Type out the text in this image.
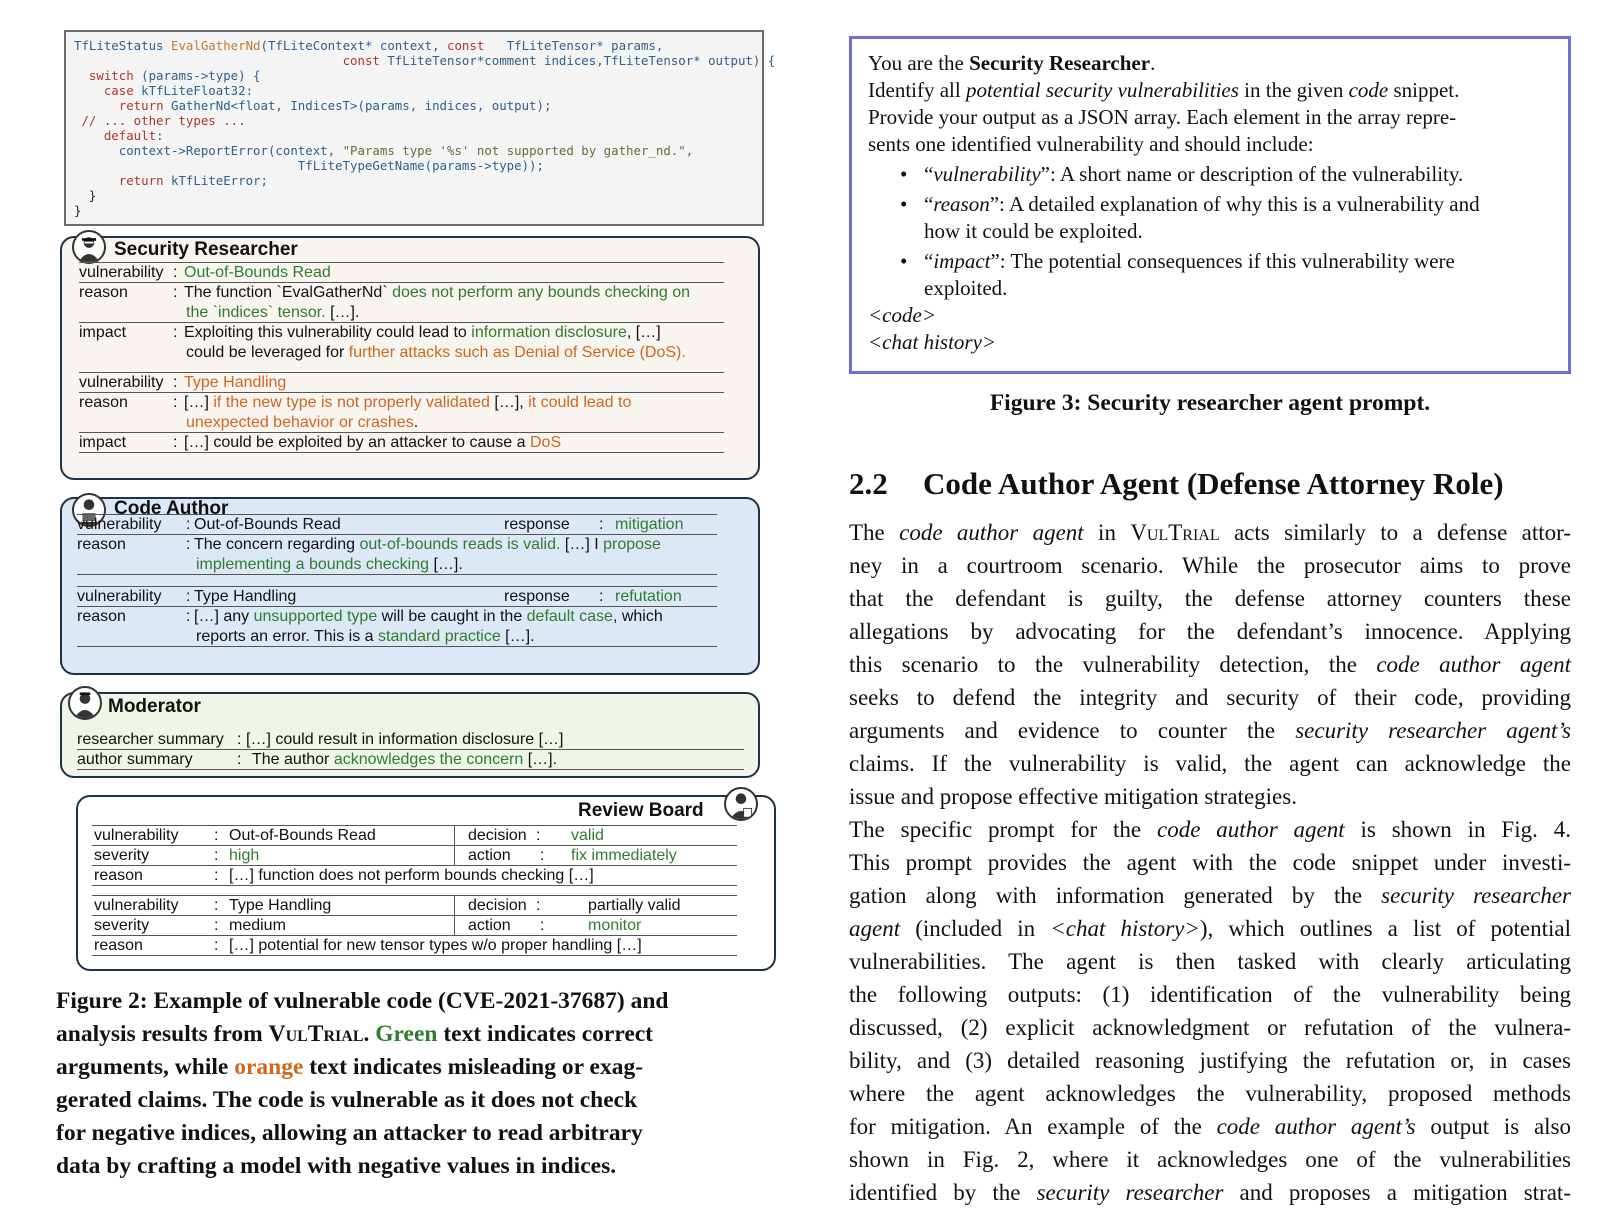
TfLiteStatus EvalGatherNd(TfLiteContext* context, const   TfLiteTensor* params,
const TfLiteTensor*comment indices,TfLiteTensor* output) {
switch (params->type) {
case kTfLiteFloat32:
return GatherNd<float, IndicesT>(params, indices, output);
// ... other types ...
default:
context->ReportError(context, "Params type '%s' not supported by gather_nd.",
TfLiteTypeGetName(params->type));
return kTfLiteError;
}
}

Security Researcher
vulnerability : Out-of-Bounds Read
reason	: The function `EvalGatherNd` does not perform any bounds checking on
the `indices` tensor. […].
impact	: Exploiting this vulnerability could lead to information disclosure, […]
could be leveraged for further attacks such as Denial of Service (DoS).
vulnerability : Type Handling
reason	: […] if the new type is not properly validated […], it could lead to
unexpected behavior or crashes.
impact	: […] could be exploited by an attacker to cause a DoS
Code Author
vulnerability : Out-of-Bounds Read	response : mitigation
reason	: The concern regarding out-of-bounds reads is valid. […] I propose
implementing a bounds checking […].
vulnerability : Type Handling	response : refutation
reason	: […] any unsupported type will be caught in the default case, which
reports an error. This is a standard practice […].
Moderator
researcher summary : […] could result in information disclosure […]
author summary	: The author acknowledges the concern […].
Review Board
vulnerability : Out-of-Bounds Read	decision : valid
severity	: high	action : fix immediately
reason	: […] function does not perform bounds checking […]
vulnerability : Type Handling	decision :	partially valid
severity	: medium	action :	monitor
reason	: […] potential for new tensor types w/o proper handling […]
Figure 2: Example of vulnerable code (CVE-2021-37687) and
analysis results from VulTrial. Green text indicates correct
arguments, while orange text indicates misleading or exag-
gerated claims. The code is vulnerable as it does not check
for negative indices, allowing an attacker to read arbitrary
data by crafting a model with negative values in indices.
You are the Security Researcher.
Identify all potential security vulnerabilities in the given code snippet.
Provide your output as a JSON array. Each element in the array repre-
sents one identified vulnerability and should include:
• “vulnerability”: A short name or description of the vulnerability.
• “reason”: A detailed explanation of why this is a vulnerability and
how it could be exploited.
• “impact”: The potential consequences if this vulnerability were
exploited.
<code>
<chat history>
Figure 3: Security researcher agent prompt.
2.2 Code Author Agent (Defense Attorney Role)
The code author agent in VulTrial acts similarly to a defense attor-
ney in a courtroom scenario. While the prosecutor aims to prove
that the defendant is guilty, the defense attorney counters these
allegations by advocating for the defendant’s innocence. Applying
this scenario to the vulnerability detection, the code author agent
seeks to defend the integrity and security of their code, providing
arguments and evidence to counter the security researcher agent’s
claims. If the vulnerability is valid, the agent can acknowledge the
issue and propose effective mitigation strategies.
The specific prompt for the code author agent is shown in Fig. 4.
This prompt provides the agent with the code snippet under investi-
gation along with information generated by the security researcher
agent (included in <chat history>), which outlines a list of potential
vulnerabilities. The agent is then tasked with clearly articulating
the following outputs: (1) identification of the vulnerability being
discussed, (2) explicit acknowledgment or refutation of the vulnera-
bility, and (3) detailed reasoning justifying the refutation or, in cases
where the agent acknowledges the vulnerability, proposed methods
for mitigation. An example of the code author agent’s output is also
shown in Fig. 2, where it acknowledges one of the vulnerabilities
identified by the security researcher and proposes a mitigation strat-
